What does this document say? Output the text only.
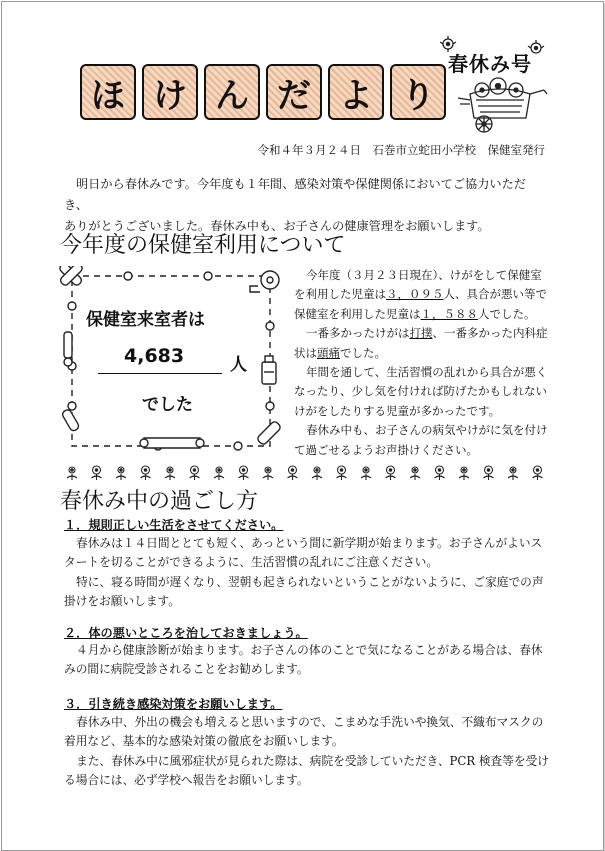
ほ け ん だ よ り
春休み号
令和４年３月２４日　石巻市立蛇田小学校　保健室発行
明日から春休みです。今年度も１年間、感染対策や保健関係においてご協力いただき、
ありがとうございました。春休み中も、お子さんの健康管理をお願いします。
今年度の保健室利用について
保健室来室者は
4,683	人
でした

今年度（３月２３日現在）、けがをして保健室を利用した児童は３，０９５人、具合が悪い等で保健室を利用した児童は１，５８８人でした。

一番多かったけがは打撲、一番多かった内科症状は頭痛でした。

年間を通して、生活習慣の乱れから具合が悪くなったり、少し気を付ければ防げたかもしれないけがをしたりする児童が多かったです。

春休み中も、お子さんの病気やけがに気を付けて過ごせるようお声掛けください。

春休み中の過ごし方
１．規則正しい生活をさせてください。

春休みは１４日間ととても短く、あっという間に新学期が始まります。お子さんがよいスタートを切ることができるように、生活習慣の乱れにご注意ください。

特に、寝る時間が遅くなり、翌朝も起きられないということがないように、ご家庭での声掛けをお願いします。

２．体の悪いところを治しておきましょう。

４月から健康診断が始まります。お子さんの体のことで気になることがある場合は、春休みの間に病院受診されることをお勧めします。

３．引き続き感染対策をお願いします。

春休み中、外出の機会も増えると思いますので、こまめな手洗いや換気、不織布マスクの着用など、基本的な感染対策の徹底をお願いします。

また、春休み中に風邪症状が見られた際は、病院を受診していただき、PCR 検査等を受ける場合には、必ず学校へ報告をお願いします。
